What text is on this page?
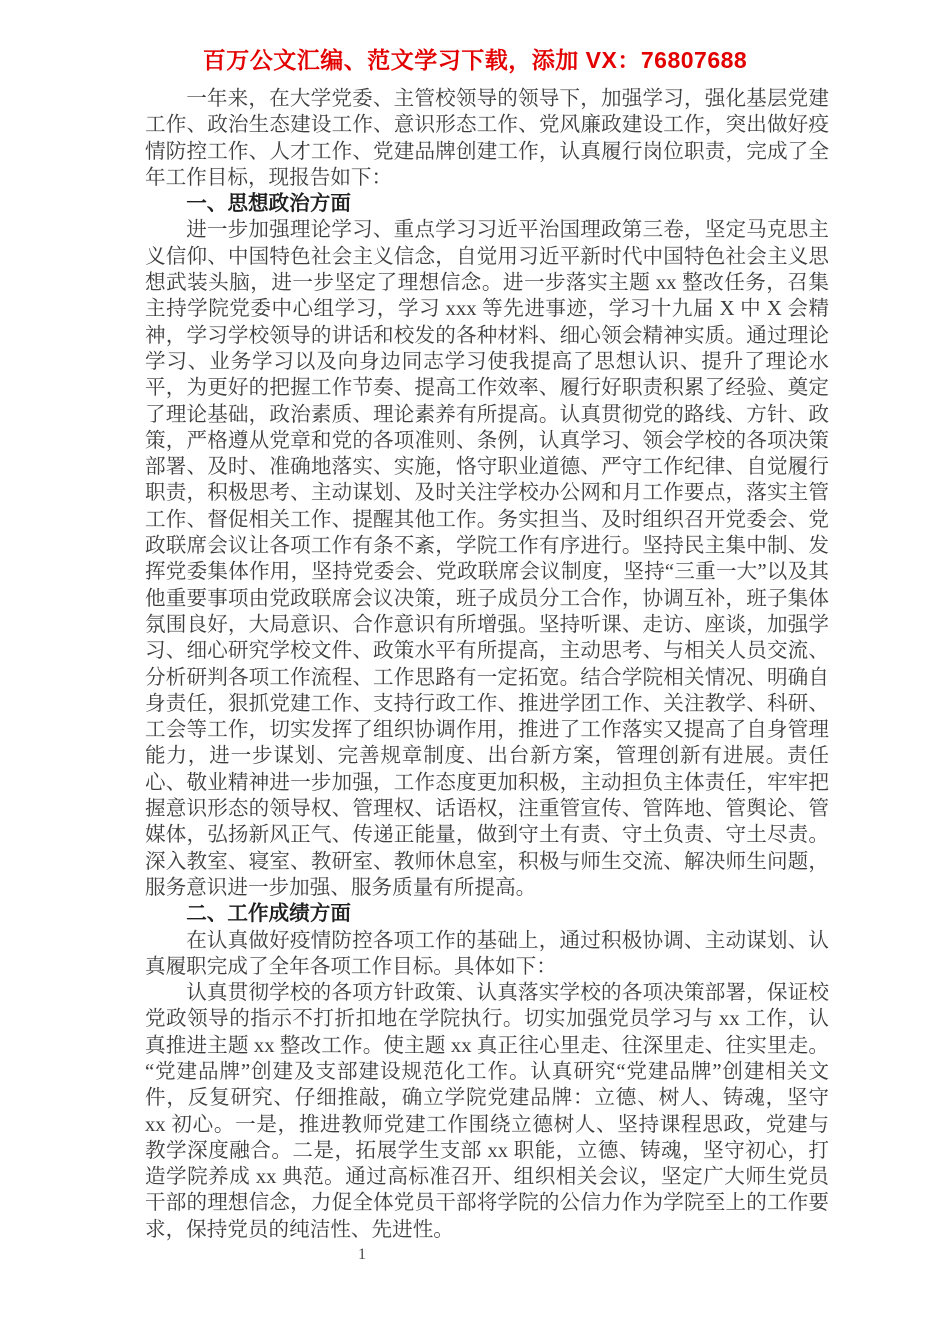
百万公文汇编、范文学习下载，添加 VX：76807688

一年来，在大学党委、主管校领导的领导下，加强学习，强化基层党建工作、政治生态建设工作、意识形态工作、党风廉政建设工作，突出做好疫情防控工作、人才工作、党建品牌创建工作，认真履行岗位职责，完成了全年工作目标，现报告如下：

一、思想政治方面

进一步加强理论学习、重点学习习近平治国理政第三卷，坚定马克思主义信仰、中国特色社会主义信念，自觉用习近平新时代中国特色社会主义思想武装头脑，进一步坚定了理想信念。进一步落实主题 xx 整改任务，召集主持学院党委中心组学习，学习 xxx 等先进事迹，学习十九届 X 中 X 会精神，学习学校领导的讲话和校发的各种材料、细心领会精神实质。通过理论学习、业务学习以及向身边同志学习使我提高了思想认识、提升了理论水平，为更好的把握工作节奏、提高工作效率、履行好职责积累了经验、奠定了理论基础，政治素质、理论素养有所提高。认真贯彻党的路线、方针、政策，严格遵从党章和党的各项准则、条例，认真学习、领会学校的各项决策部署、及时、准确地落实、实施，恪守职业道德、严守工作纪律、自觉履行职责，积极思考、主动谋划、及时关注学校办公网和月工作要点，落实主管工作、督促相关工作、提醒其他工作。务实担当、及时组织召开党委会、党政联席会议让各项工作有条不紊，学院工作有序进行。坚持民主集中制、发挥党委集体作用，坚持党委会、党政联席会议制度，坚持“三重一大”以及其他重要事项由党政联席会议决策，班子成员分工合作，协调互补，班子集体氛围良好，大局意识、合作意识有所增强。坚持听课、走访、座谈，加强学习、细心研究学校文件、政策水平有所提高，主动思考、与相关人员交流、分析研判各项工作流程、工作思路有一定拓宽。结合学院相关情况、明确自身责任，狠抓党建工作、支持行政工作、推进学团工作、关注教学、科研、工会等工作，切实发挥了组织协调作用，推进了工作落实又提高了自身管理能力，进一步谋划、完善规章制度、出台新方案，管理创新有进展。责任心、敬业精神进一步加强，工作态度更加积极，主动担负主体责任，牢牢把握意识形态的领导权、管理权、话语权，注重管宣传、管阵地、管舆论、管媒体，弘扬新风正气、传递正能量，做到守土有责、守土负责、守土尽责。深入教室、寝室、教研室、教师休息室，积极与师生交流、解决师生问题，服务意识进一步加强、服务质量有所提高。

二、工作成绩方面

在认真做好疫情防控各项工作的基础上，通过积极协调、主动谋划、认真履职完成了全年各项工作目标。具体如下：

认真贯彻学校的各项方针政策、认真落实学校的各项决策部署，保证校党政领导的指示不打折扣地在学院执行。切实加强党员学习与 xx 工作，认真推进主题 xx 整改工作。使主题 xx 真正往心里走、往深里走、往实里走。“党建品牌”创建及支部建设规范化工作。认真研究“党建品牌”创建相关文件，反复研究、仔细推敲，确立学院党建品牌：立德、树人、铸魂，坚守 xx 初心。一是，推进教师党建工作围绕立德树人、坚持课程思政，党建与教学深度融合。二是，拓展学生支部 xx 职能，立德、铸魂，坚守初心，打造学院养成 xx 典范。通过高标准召开、组织相关会议，坚定广大师生党员干部的理想信念，力促全体党员干部将学院的公信力作为学院至上的工作要求，保持党员的纯洁性、先进性。

1
